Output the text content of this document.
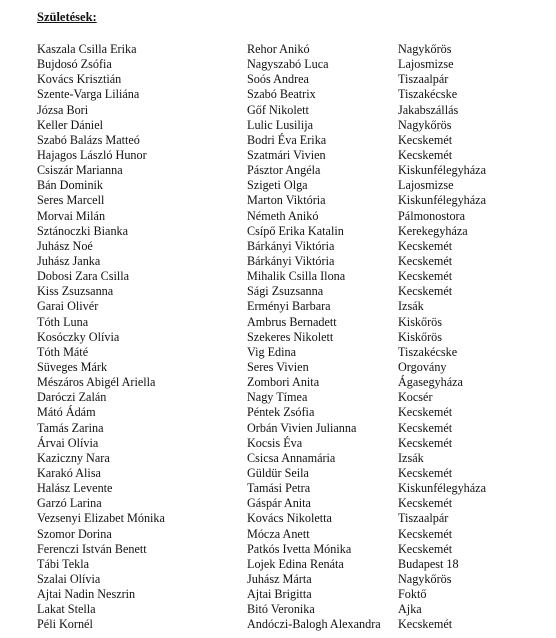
Születések:
Kaszala Csilla Erika	Rehor Anikó	Nagykőrös
Bujdosó Zsófia	Nagyszabó Luca	Lajosmizse
Kovács Krisztián	Soós Andrea	Tiszaalpár
Szente-Varga Liliána	Szabó Beatrix	Tiszakécske
Józsa Bori	Gőf Nikolett	Jakabszállás
Keller Dániel	Lulic Lusilija	Nagykőrös
Szabó Balázs Matteó	Bodri Éva Erika	Kecskemét
Hajagos László Hunor	Szatmári Vivien	Kecskemét
Csiszár Marianna	Pásztor Angéla	Kiskunfélegyháza
Bán Dominik	Szigeti Olga	Lajosmizse
Seres Marcell	Marton Viktória	Kiskunfélegyháza
Morvai Milán	Németh Anikó	Pálmonostora
Sztánoczki Bianka	Csípő Erika Katalin	Kerekegyháza
Juhász Noé	Bárkányi Viktória	Kecskemét
Juhász Janka	Bárkányi Viktória	Kecskemét
Dobosi Zara Csilla	Mihalik Csilla Ilona	Kecskemét
Kiss Zsuzsanna	Sági Zsuzsanna	Kecskemét
Garai Olivér	Erményi Barbara	Izsák
Tóth Luna	Ambrus Bernadett	Kiskőrös
Kosóczky Olívia	Szekeres Nikolett	Kiskőrös
Tóth Máté	Vig Edina	Tiszakécske
Süveges Márk	Seres Vivien	Orgovány
Mészáros Abigél Ariella	Zombori Anita	Ágasegyháza
Daróczi Zalán	Nagy Tímea	Kocsér
Mátó Ádám	Péntek Zsófia	Kecskemét
Tamás Zarina	Orbán Vivien Julianna	Kecskemét
Árvai Olívia	Kocsis Éva	Kecskemét
Kaziczny Nara	Csicsa Annamária	Izsák
Karakó Alisa	Güldür Seila	Kecskemét
Halász Levente	Tamási Petra	Kiskunfélegyháza
Garzó Larina	Gáspár Anita	Kecskemét
Vezsenyi Elizabet Mónika	Kovács Nikoletta	Tiszaalpár
Szomor Dorina	Mócza Anett	Kecskemét
Ferenczi István Benett	Patkós Ivetta Mónika	Kecskemét
Tábi Tekla	Lojek Edina Renáta	Budapest 18
Szalai Olívia	Juhász Márta	Nagykőrös
Ajtai Nadin Neszrin	Ajtai Brigitta	Foktő
Lakat Stella	Bitó Veronika	Ajka
Péli Kornél	Andóczi-Balogh Alexandra	Kecskemét
